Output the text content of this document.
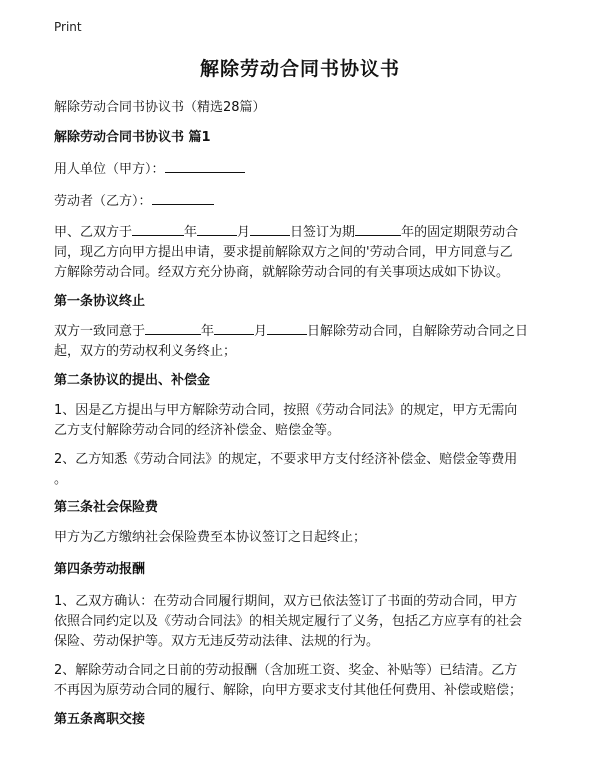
Print
解除劳动合同书协议书
解除劳动合同书协议书（精选28篇）
解除劳动合同书协议书 篇1
用人单位（甲方）：
劳动者（乙方）：
甲、乙双方于	年	月	日签订为期	年的固定期限劳动合
同，现乙方向甲方提出申请，要求提前解除双方之间的'劳动合同，甲方同意与乙
方解除劳动合同。经双方充分协商，就解除劳动合同的有关事项达成如下协议。
第一条协议终止
双方一致同意于	年	月	日解除劳动合同，自解除劳动合同之日
起，双方的劳动权利义务终止；
第二条协议的提出、补偿金
1、因是乙方提出与甲方解除劳动合同，按照《劳动合同法》的规定，甲方无需向
乙方支付解除劳动合同的经济补偿金、赔偿金等。
2、乙方知悉《劳动合同法》的规定，不要求甲方支付经济补偿金、赔偿金等费用
。
第三条社会保险费
甲方为乙方缴纳社会保险费至本协议签订之日起终止；
第四条劳动报酬
1、乙双方确认：在劳动合同履行期间，双方已依法签订了书面的劳动合同，甲方
依照合同约定以及《劳动合同法》的相关规定履行了义务，包括乙方应享有的社会
保险、劳动保护等。双方无违反劳动法律、法规的行为。
2、解除劳动合同之日前的劳动报酬（含加班工资、奖金、补贴等）已结清。乙方
不再因为原劳动合同的履行、解除，向甲方要求支付其他任何费用、补偿或赔偿；
第五条离职交接
